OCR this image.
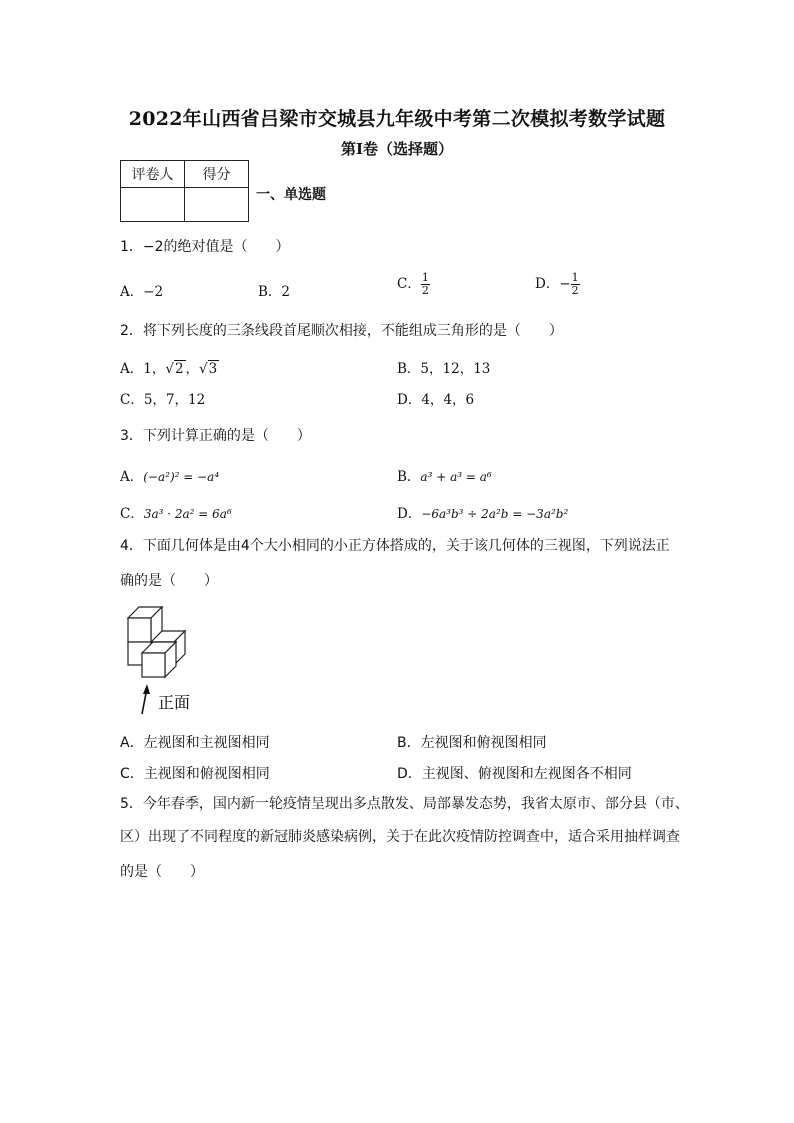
2022年山西省吕梁市交城县九年级中考第二次模拟考数学试题
第I卷（选择题）
评卷人	得分

一、单选题
1．−2的绝对值是（　　）
A．−2	B．2	C． $\frac{1}{2}$	D．− $\frac{1}{2}$
2．将下列长度的三条线段首尾顺次相接，不能组成三角形的是（　　）
A．1，√2 ，√3	B．5，12，13
C．5，7，12	D．4，4，6
3．下列计算正确的是（　　）
A．(−a²)² = −a⁴	B．a³ + a³ = a⁶
C．3a³ · 2a² = 6a⁶	D．−6a³b³ ÷ 2a²b = −3a²b²
4．下面几何体是由4个大小相同的小正方体搭成的，关于该几何体的三视图，下列说法正
确的是（　　）
正面
A．左视图和主视图相同	B．左视图和俯视图相同
C．主视图和俯视图相同	D．主视图、俯视图和左视图各不相同
5．今年春季，国内新一轮疫情呈现出多点散发、局部暴发态势，我省太原市、部分县（市、
区）出现了不同程度的新冠肺炎感染病例，关于在此次疫情防控调查中，适合采用抽样调查
的是（　　）
